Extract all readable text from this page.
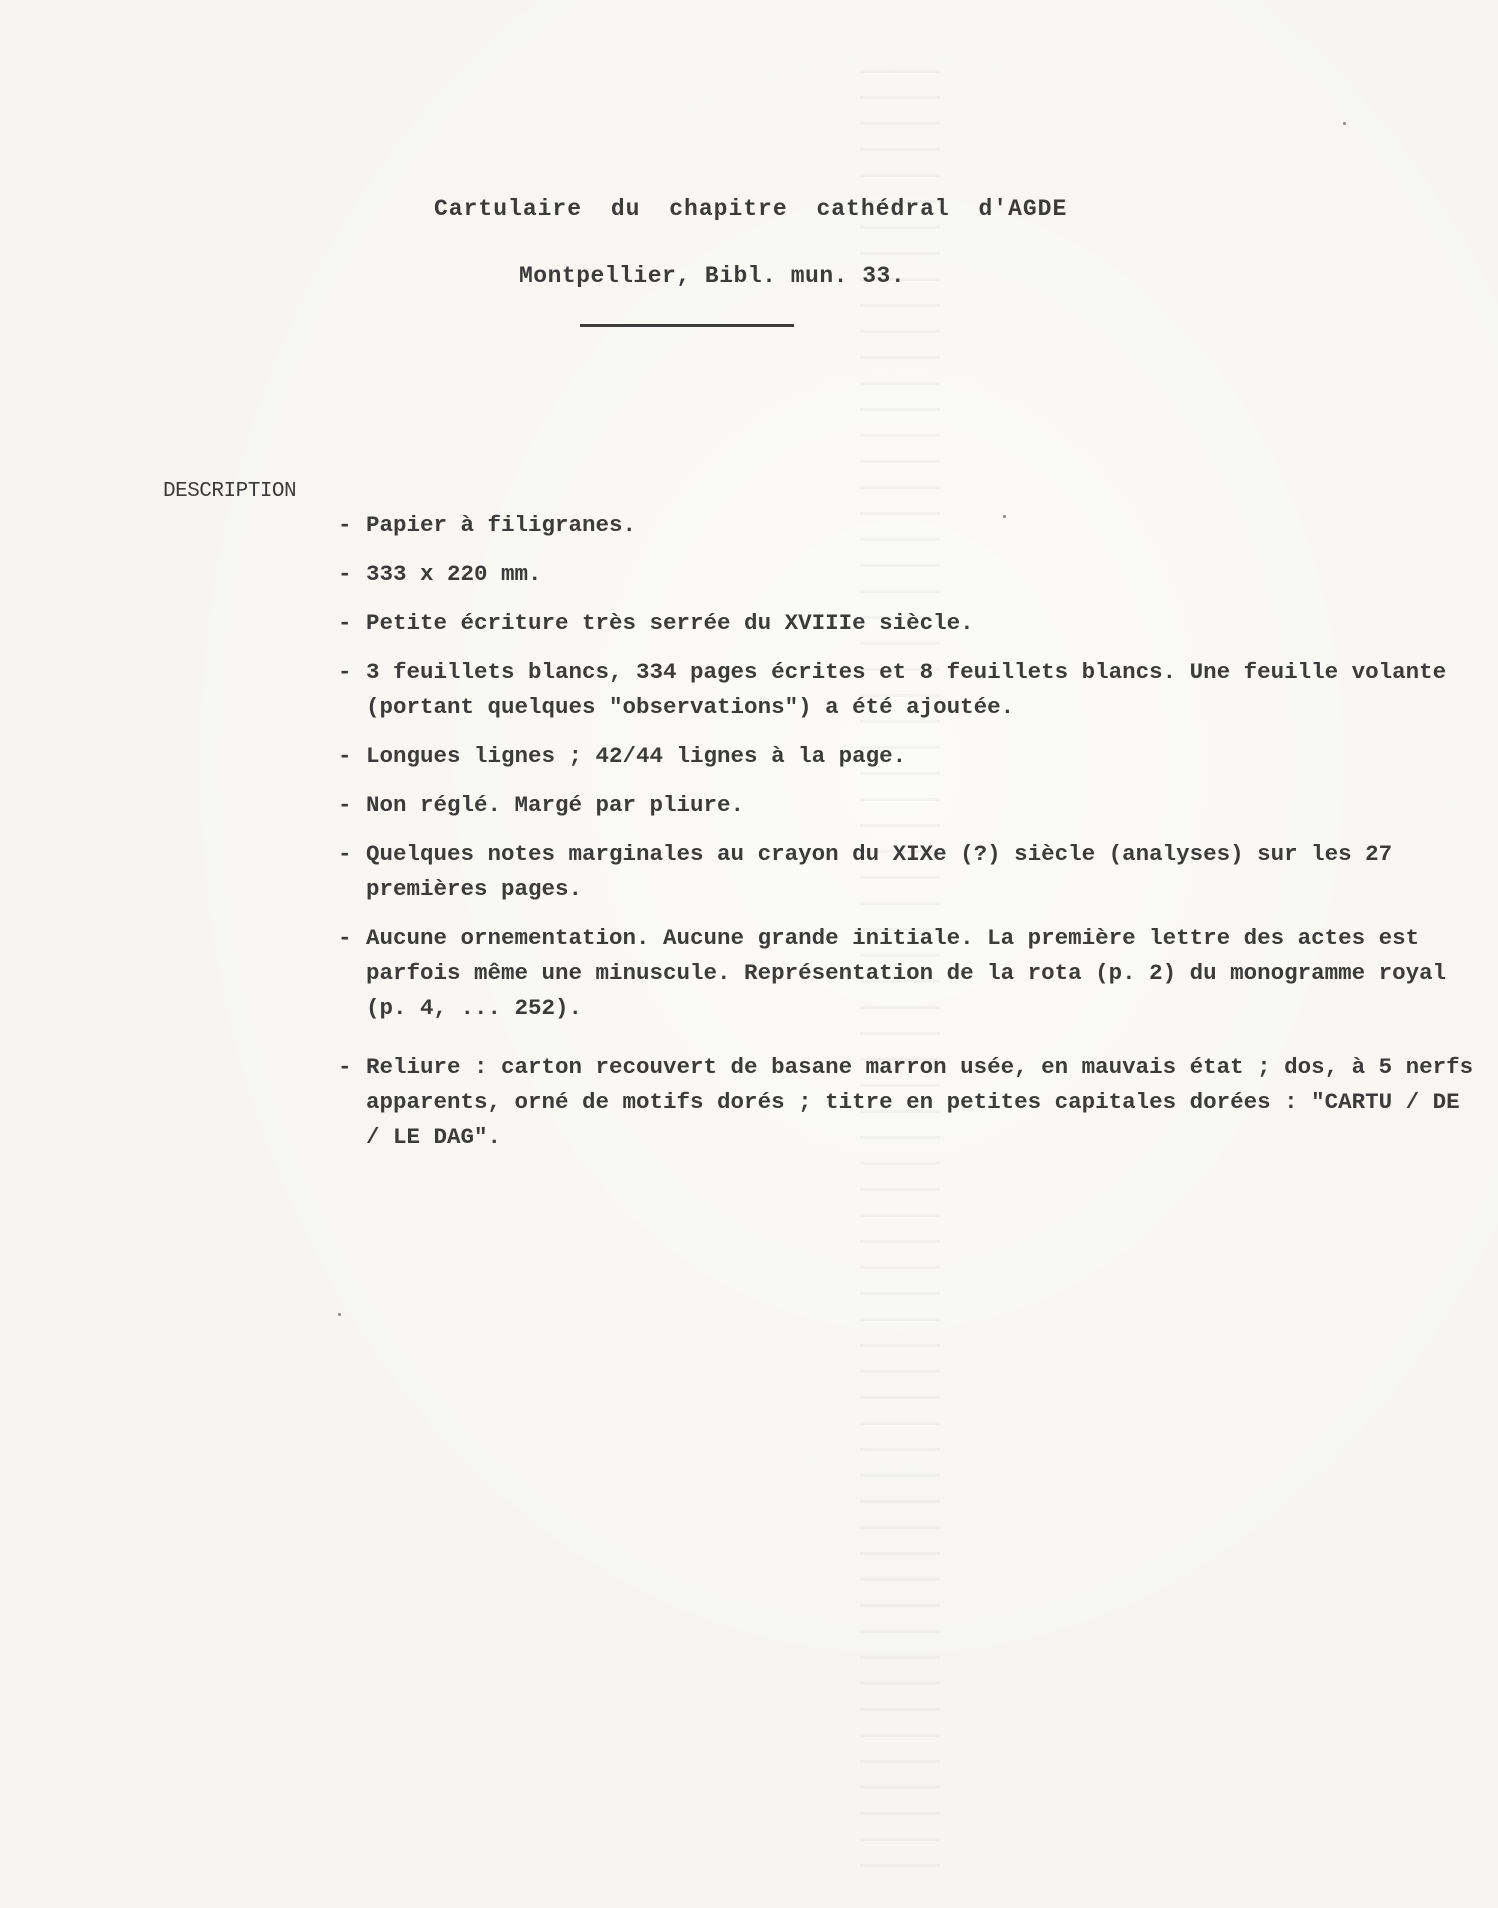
Cartulaire du chapitre cathédral d'AGDE
Montpellier, Bibl. mun. 33.
DESCRIPTION
- Papier à filigranes.
- 333 x 220 mm.
- Petite écriture très serrée du XVIIIe siècle.
- 3 feuillets blancs, 334 pages écrites et 8 feuillets blancs. Une feuille volante (portant quelques "observations") a été ajoutée.
- Longues lignes ; 42/44 lignes à la page.
- Non réglé. Margé par pliure.
- Quelques notes marginales au crayon du XIXe (?) siècle (analyses) sur les 27 premières pages.
- Aucune ornementation. Aucune grande initiale. La première lettre des actes est parfois même une minuscule. Représentation de la rota (p. 2) du monogramme royal (p. 4, ... 252).
- Reliure : carton recouvert de basane marron usée, en mauvais état ; dos, à 5 nerfs apparents, orné de motifs dorés ; titre en petites capitales dorées : "CARTU / DE / LE DAG".
